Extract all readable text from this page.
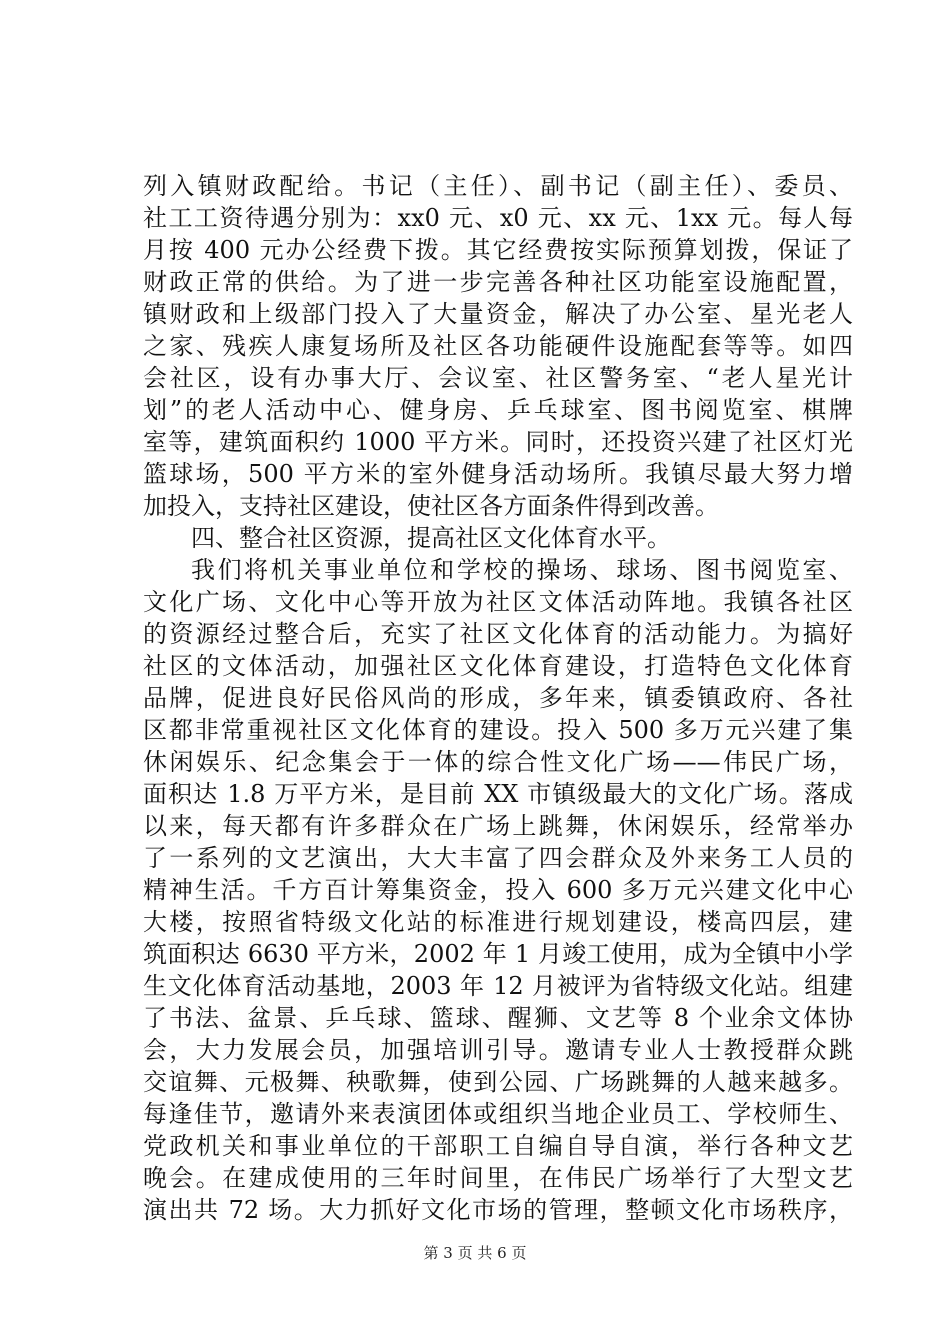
列入镇财政配给。书记（主任）、副书记（副主任）、委员、
社工工资待遇分别为：xx0 元、x0 元、xx 元、1xx 元。每人每
月按 400 元办公经费下拨。其它经费按实际预算划拨，保证了
财政正常的供给。为了进一步完善各种社区功能室设施配置，
镇财政和上级部门投入了大量资金，解决了办公室、星光老人
之家、残疾人康复场所及社区各功能硬件设施配套等等。如四
会社区，设有办事大厅、会议室、社区警务室、“老人星光计
划”的老人活动中心、健身房、乒乓球室、图书阅览室、棋牌
室等，建筑面积约 1000 平方米。同时，还投资兴建了社区灯光
篮球场，500 平方米的室外健身活动场所。我镇尽最大努力增
加投入，支持社区建设，使社区各方面条件得到改善。
四、整合社区资源，提高社区文化体育水平。
我们将机关事业单位和学校的操场、球场、图书阅览室、
文化广场、文化中心等开放为社区文体活动阵地。我镇各社区
的资源经过整合后，充实了社区文化体育的活动能力。为搞好
社区的文体活动，加强社区文化体育建设，打造特色文化体育
品牌，促进良好民俗风尚的形成，多年来，镇委镇政府、各社
区都非常重视社区文化体育的建设。投入 500 多万元兴建了集
休闲娱乐、纪念集会于一体的综合性文化广场——伟民广场，
面积达 1.8 万平方米，是目前 XX 市镇级最大的文化广场。落成
以来，每天都有许多群众在广场上跳舞，休闲娱乐，经常举办
了一系列的文艺演出，大大丰富了四会群众及外来务工人员的
精神生活。千方百计筹集资金，投入 600 多万元兴建文化中心
大楼，按照省特级文化站的标准进行规划建设，楼高四层，建
筑面积达 6630 平方米，2002 年 1 月竣工使用，成为全镇中小学
生文化体育活动基地，2003 年 12 月被评为省特级文化站。组建
了书法、盆景、乒乓球、篮球、醒狮、文艺等 8 个业余文体协
会，大力发展会员，加强培训引导。邀请专业人士教授群众跳
交谊舞、元极舞、秧歌舞，使到公园、广场跳舞的人越来越多。
每逢佳节，邀请外来表演团体或组织当地企业员工、学校师生、
党政机关和事业单位的干部职工自编自导自演，举行各种文艺
晚会。在建成使用的三年时间里，在伟民广场举行了大型文艺
演出共 72 场。大力抓好文化市场的管理，整顿文化市场秩序，
第 3 页 共 6 页
